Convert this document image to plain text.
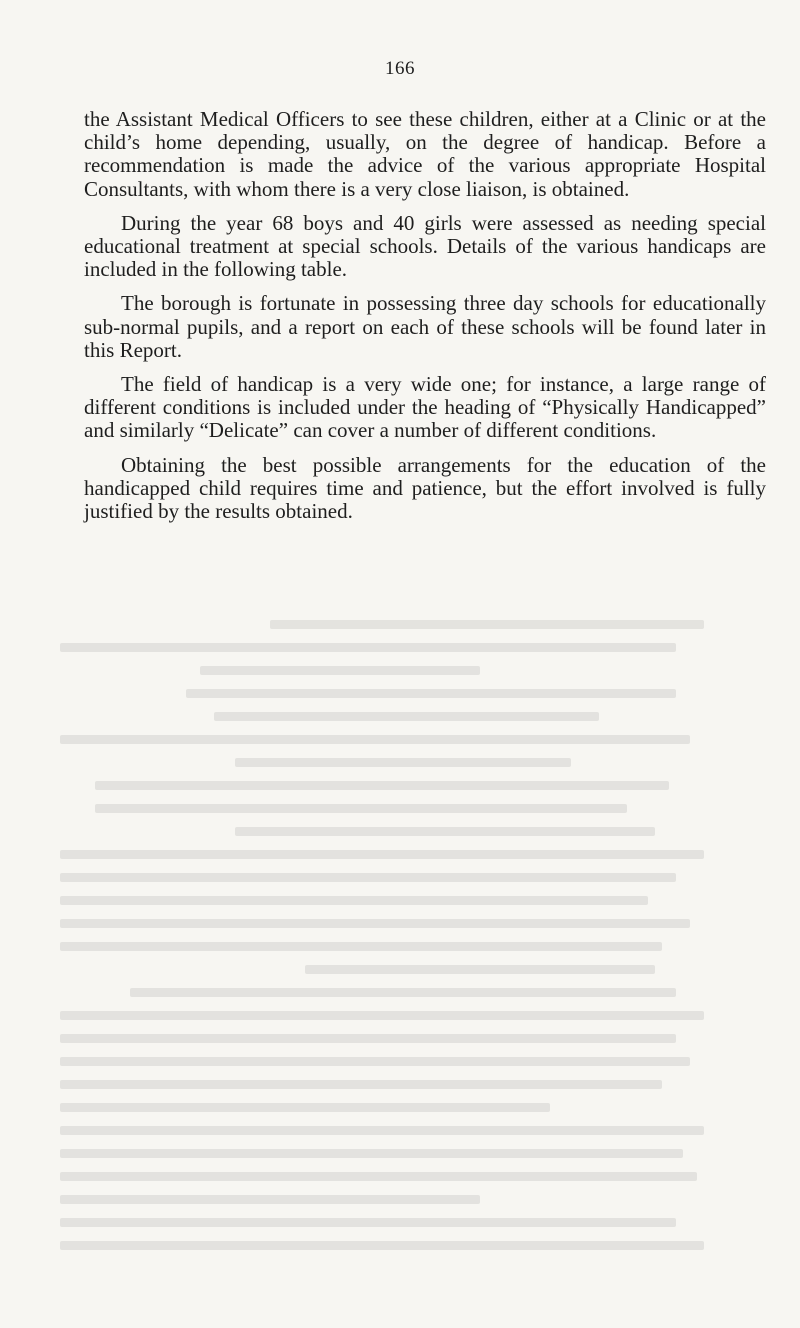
166

the Assistant Medical Officers to see these children, either at a Clinic or at the child’s home depending, usually, on the degree of handicap. Before a recommendation is made the advice of the various appropriate Hospital Consultants, with whom there is a very close liaison, is obtained.

During the year 68 boys and 40 girls were assessed as needing special educational treatment at special schools. Details of the various handicaps are included in the following table.

The borough is fortunate in possessing three day schools for educationally sub-normal pupils, and a report on each of these schools will be found later in this Report.

The field of handicap is a very wide one; for instance, a large range of different conditions is included under the heading of “Physically Handicapped” and similarly “Delicate” can cover a number of different conditions.

Obtaining the best possible arrangements for the education of the handicapped child requires time and patience, but the effort involved is fully justified by the results obtained.
